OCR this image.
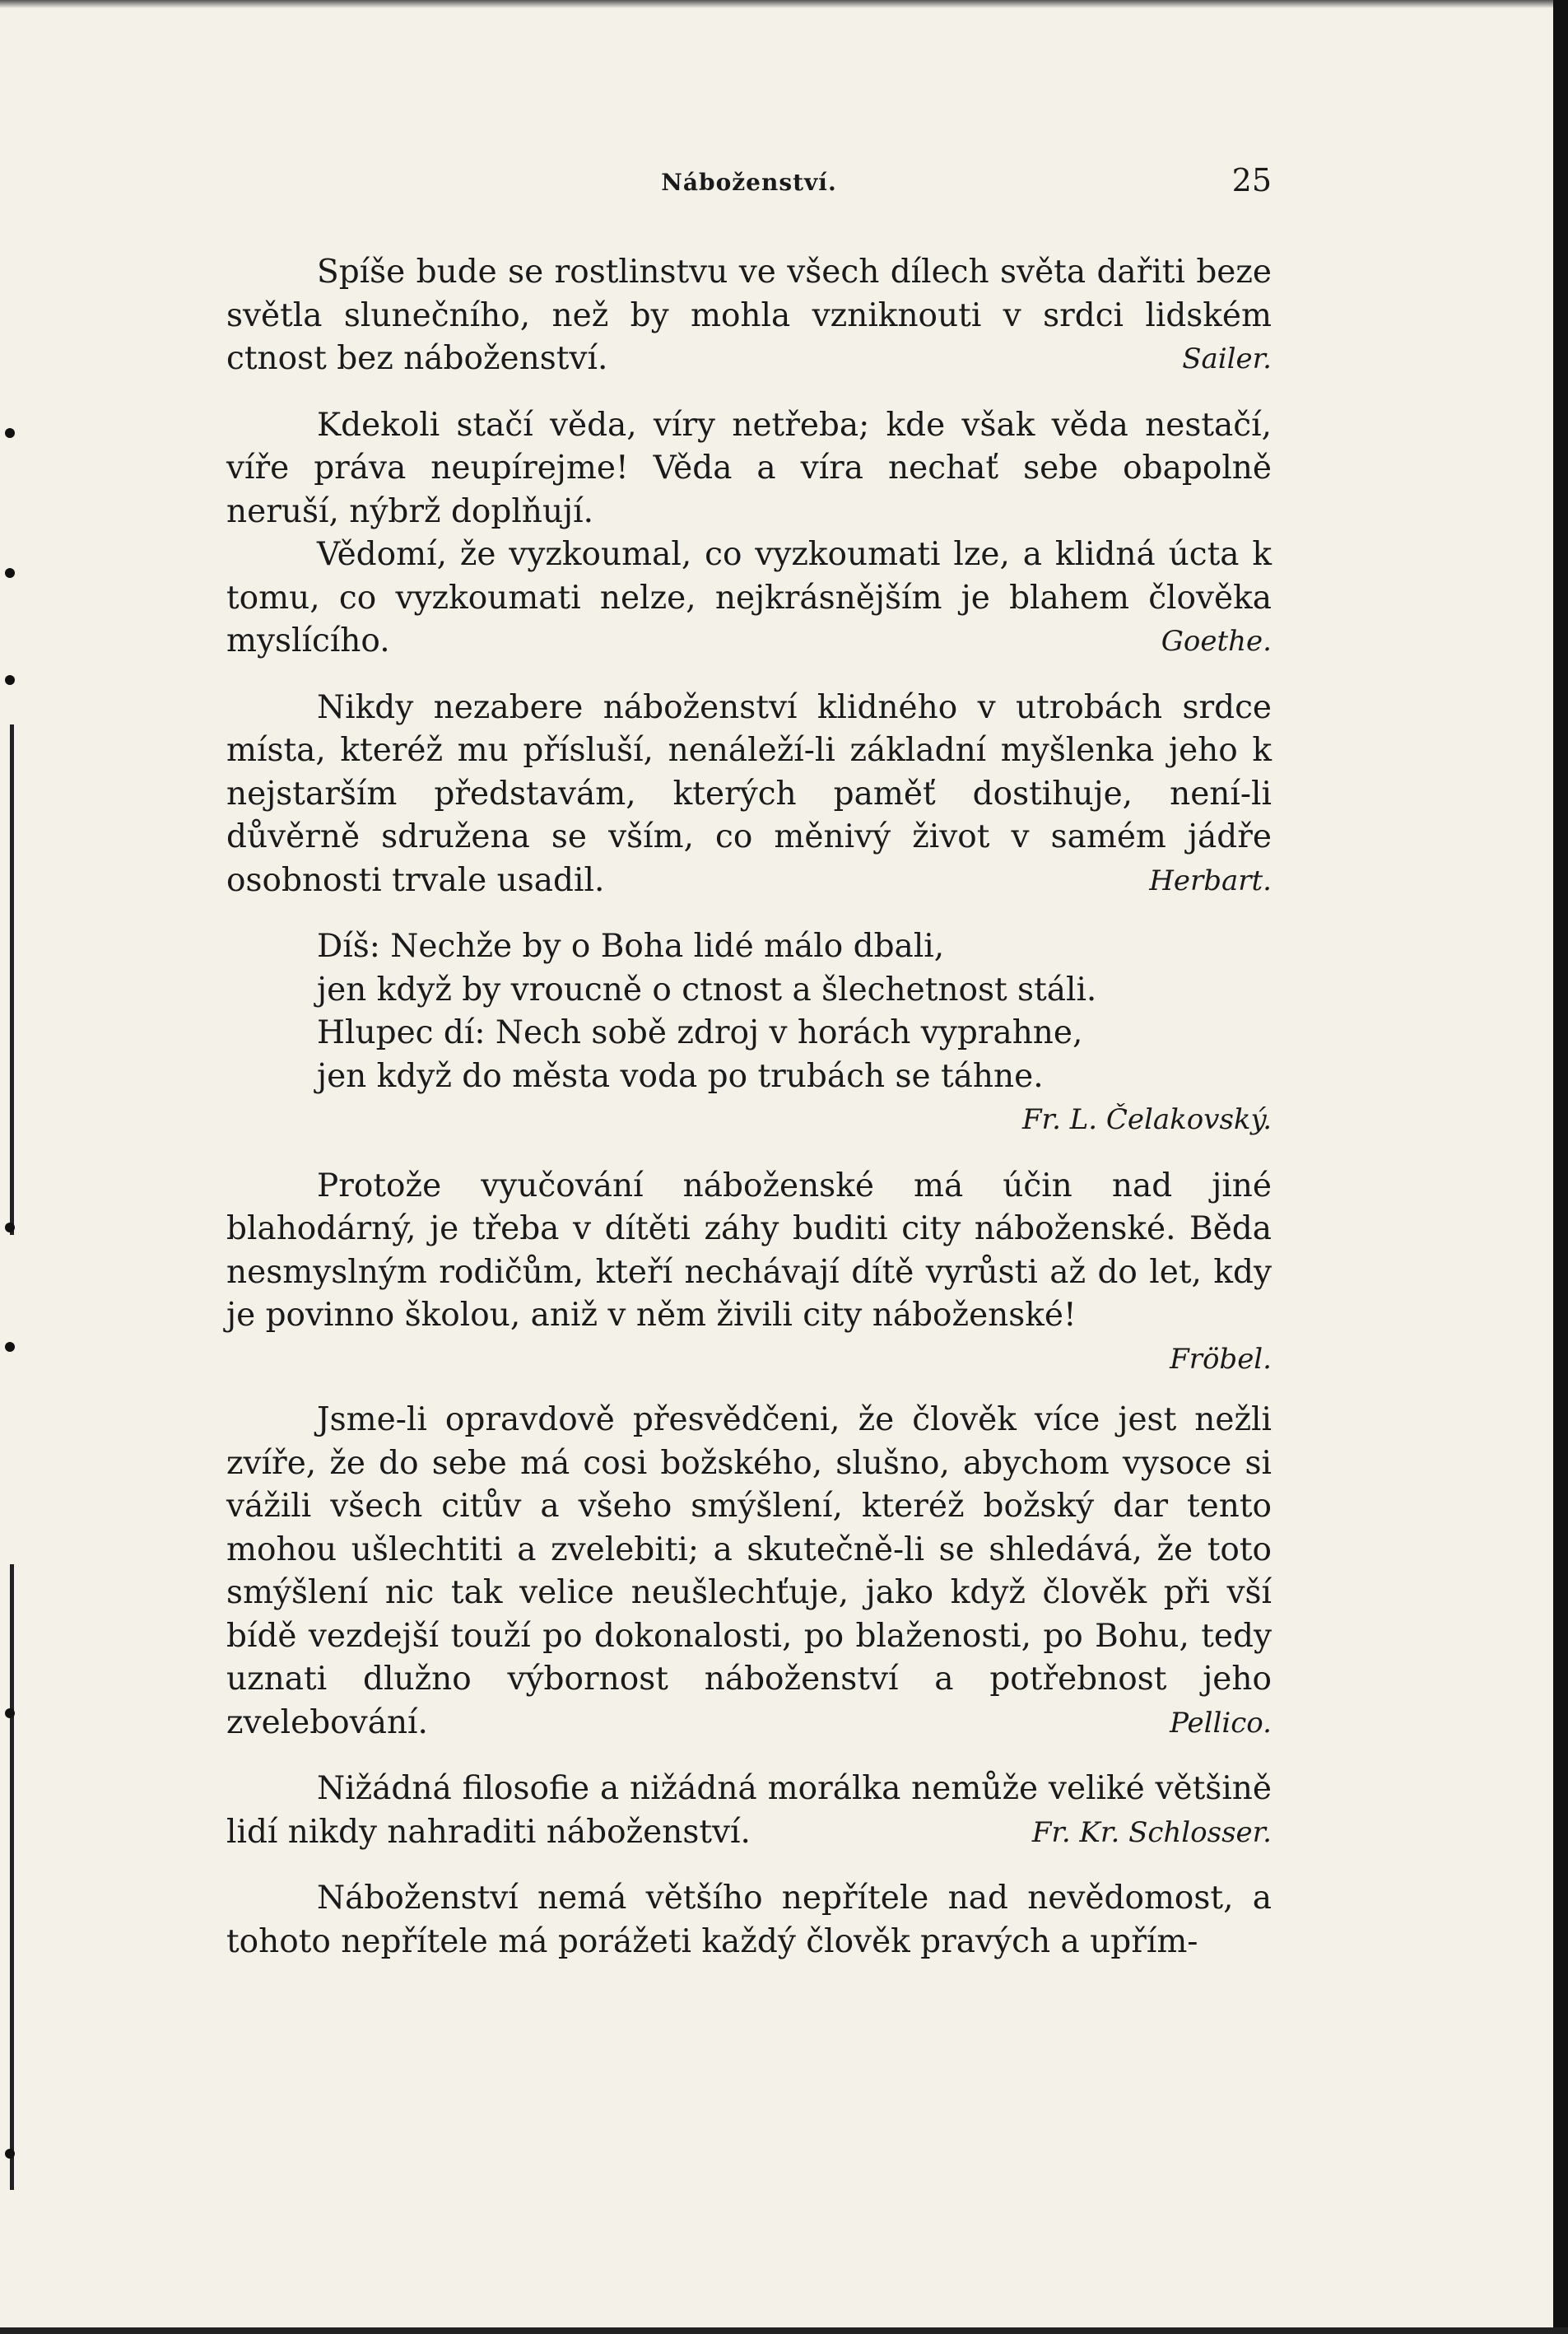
Náboženství.	25

Spíše bude se rostlinstvu ve všech dílech světa dařiti beze světla slunečního, než by mohla vzniknouti v srdci lidském ctnost bez náboženství.	Sailer.

Kdekoli stačí věda, víry netřeba; kde však věda nestačí, víře práva neupírejme! Věda a víra nechať sebe obapolně neruší, nýbrž doplňují.

Vědomí, že vyzkoumal, co vyzkoumati lze, a klidná úcta k tomu, co vyzkoumati nelze, nejkrásnějším je blahem člověka myslícího.	Goethe.

Nikdy nezabere náboženství klidného v utrobách srdce místa, kteréž mu přísluší, nenáleží-li základní myšlenka jeho k nejstarším představám, kterých paměť dostihuje, není-li důvěrně sdružena se vším, co měnivý život v samém jádře osobnosti trvale usadil.	Herbart.

Díš: Nechže by o Boha lidé málo dbali,
jen když by vroucně o ctnost a šlechetnost stáli.
Hlupec dí: Nech sobě zdroj v horách vyprahne,
jen když do města voda po trubách se táhne.
Fr. L. Čelakovský.

Protože vyučování náboženské má účin nad jiné blahodárný, je třeba v dítěti záhy buditi city náboženské. Běda nesmyslným rodičům, kteří nechávají dítě vyrůsti až do let, kdy je povinno školou, aniž v něm živili city náboženské!

Fröbel.

Jsme-li opravdově přesvědčeni, že člověk více jest nežli zvíře, že do sebe má cosi božského, slušno, abychom vysoce si vážili všech citův a všeho smýšlení, kteréž božský dar tento mohou ušlechtiti a zvelebiti; a skutečně-li se shledává, že toto smýšlení nic tak velice neušlechťuje, jako když člověk při vší bídě vezdejší touží po dokonalosti, po blaženosti, po Bohu, tedy uznati dlužno výbornost náboženství a potřebnost jeho zvelebování.	Pellico.

Nižádná filosofie a nižádná morálka nemůže veliké většině lidí nikdy nahraditi náboženství.	Fr. Kr. Schlosser.

Náboženství nemá většího nepřítele nad nevědomost, a tohoto nepřítele má porážeti každý člověk pravých a upřím-
